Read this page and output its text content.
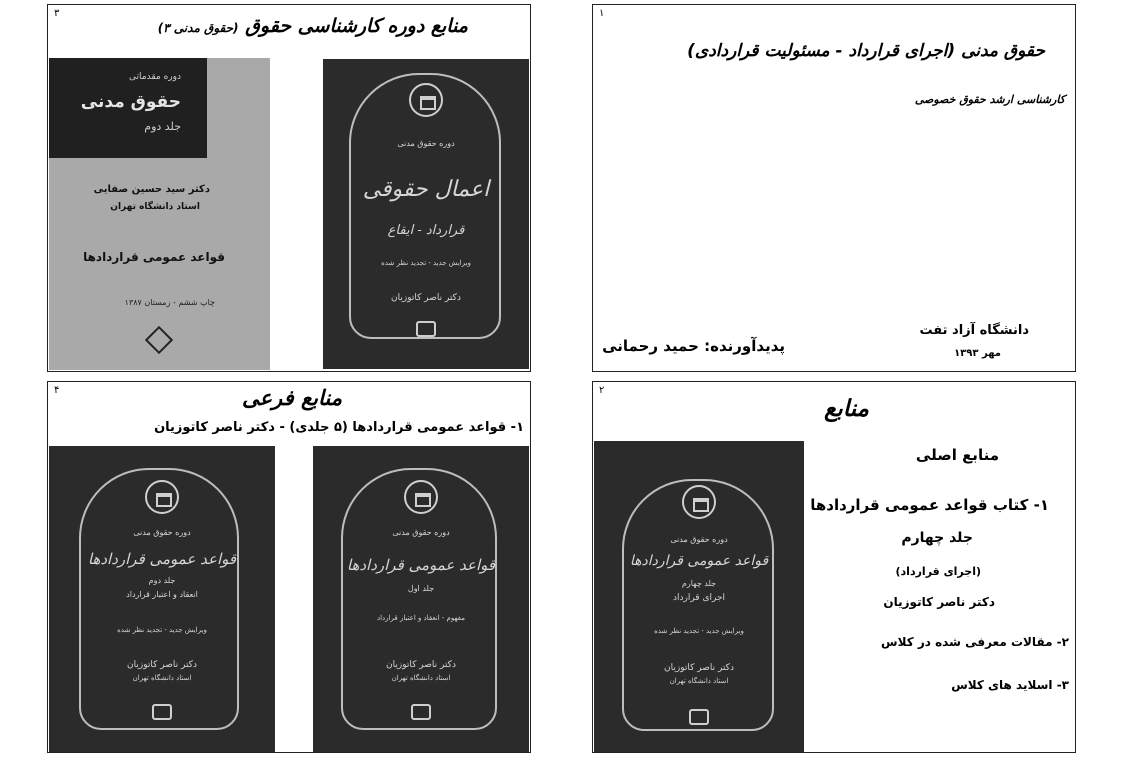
۳
منابع دوره کارشناسی حقوق (حقوق مدنی ۳)
دوره مقدماتی
حقوق مدنی
جلد دوم
دکتر سید حسین صفایی
استاد دانشگاه تهران
قواعد عمومی قراردادها
چاپ ششم - زمستان ۱۳۸۷
دوره حقوق مدنی
اعمال حقوقی
قرارداد - ایقاع
ویرایش جدید - تجدید نظر شده
دکتر ناصر کاتوزیان
۱
حقوق مدنی (اجرای قرارداد - مسئولیت قراردادی)
کارشناسی ارشد حقوق خصوصی
دانشگاه آزاد تفت
مهر ۱۳۹۳
پدیدآورنده: حمید رحمانی
۴	منابع فرعی
۱- قواعد عمومی قراردادها (۵ جلدی) - دکتر ناصر کاتوزیان
دوره حقوق مدنی
قواعد عمومی قراردادها
جلد دوم
انعقاد و اعتبار قرارداد
ویرایش جدید - تجدید نظر شده
دکتر ناصر کاتوزیان
استاد دانشگاه تهران
دوره حقوق مدنی
قواعد عمومی قراردادها
جلد اول
مفهوم - انعقاد و اعتبار قرارداد
دکتر ناصر کاتوزیان
استاد دانشگاه تهران
۲
منابع
دوره حقوق مدنی
قواعد عمومی قراردادها
جلد چهارم
اجرای قرارداد
ویرایش جدید - تجدید نظر شده
دکتر ناصر کاتوزیان
استاد دانشگاه تهران
منابع اصلی
۱- کتاب قواعد عمومی قراردادها
جلد چهارم
(اجرای قرارداد)
دکتر ناصر کاتوزیان
۲- مقالات معرفی شده در کلاس
۳- اسلاید های کلاس
